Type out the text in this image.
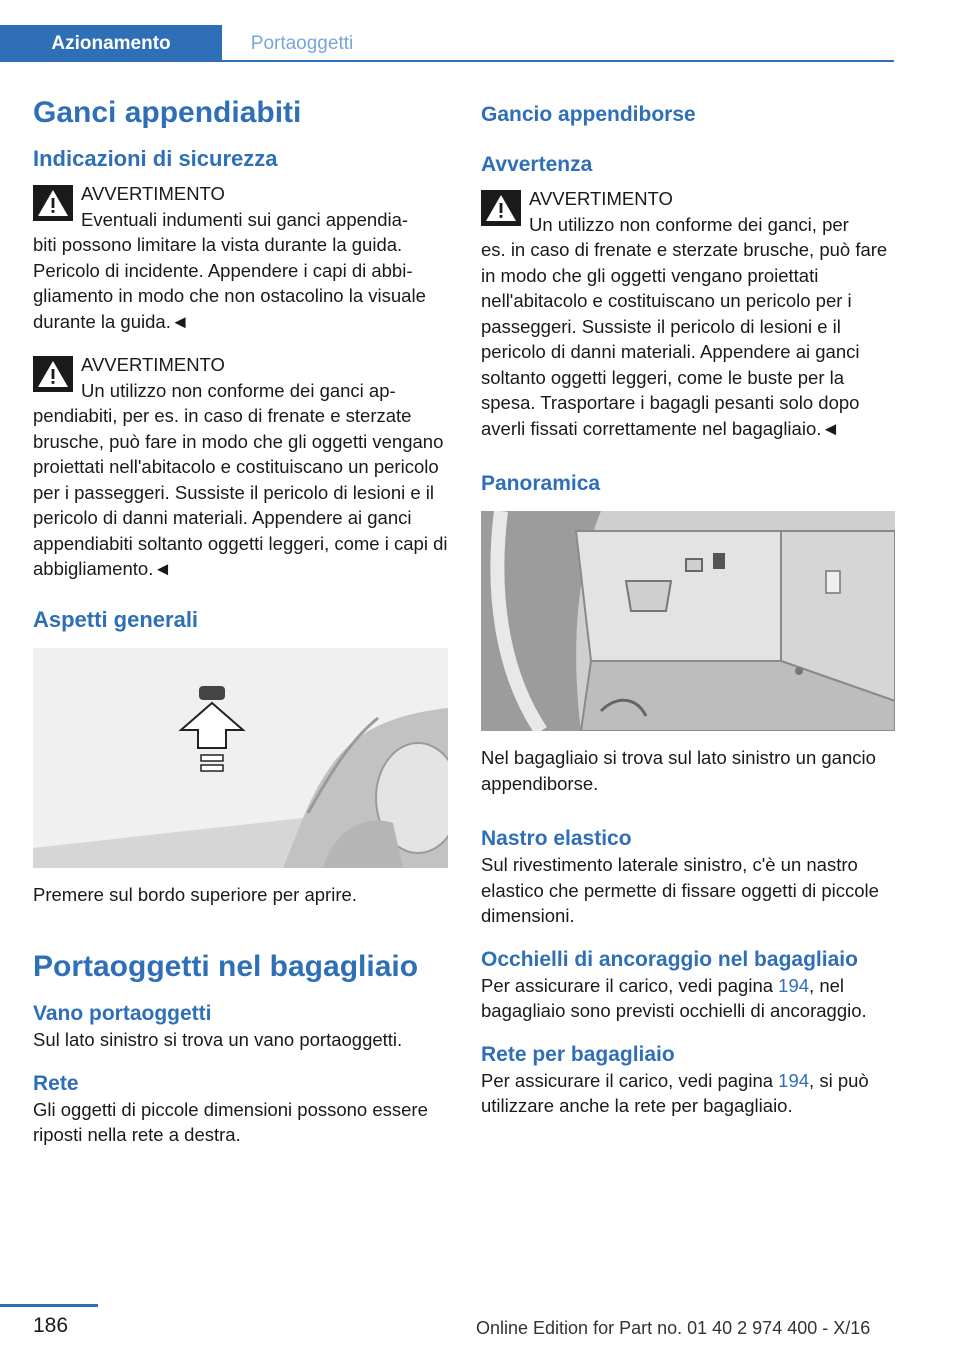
Azionamento	Portaoggetti
Ganci appendiabiti
Indicazioni di sicurezza
AVVERTIMENTO
Eventuali indumenti sui ganci appendia-

biti possono limitare la vista durante la guida. Pericolo di incidente. Appendere i capi di abbigliamento in modo che non ostacolino la visuale durante la guida.◄

AVVERTIMENTO
Un utilizzo non conforme dei ganci ap-

pendiabiti, per es. in caso di frenate e sterzate brusche, può fare in modo che gli oggetti vengano proiettati nell'abitacolo e costituiscano un pericolo per i passeggeri. Sussiste il pericolo di lesioni e il pericolo di danni materiali. Appendere ai ganci appendiabiti soltanto oggetti leggeri, come i capi di abbigliamento.◄

Aspetti generali

Premere sul bordo superiore per aprire.

Portaoggetti nel bagagliaio
Vano portaoggetti

Sul lato sinistro si trova un vano portaoggetti.

Rete

Gli oggetti di piccole dimensioni possono essere riposti nella rete a destra.

Gancio appendiborse
Avvertenza
AVVERTIMENTO
Un utilizzo non conforme dei ganci, per

es. in caso di frenate e sterzate brusche, può fare in modo che gli oggetti vengano proiettati nell'abitacolo e costituiscano un pericolo per i passeggeri. Sussiste il pericolo di lesioni e il pericolo di danni materiali. Appendere ai ganci soltanto oggetti leggeri, come le buste per la spesa. Trasportare i bagagli pesanti solo dopo averli fissati correttamente nel bagagliaio.◄

Panoramica

Nel bagagliaio si trova sul lato sinistro un gancio appendiborse.

Nastro elastico

Sul rivestimento laterale sinistro, c'è un nastro elastico che permette di fissare oggetti di piccole dimensioni.

Occhielli di ancoraggio nel bagagliaio

Per assicurare il carico, vedi pagina 194, nel bagagliaio sono previsti occhielli di ancoraggio.

Rete per bagagliaio

Per assicurare il carico, vedi pagina 194, si può utilizzare anche la rete per bagagliaio.

186	Online Edition for Part no. 01 40 2 974 400 - X/16
